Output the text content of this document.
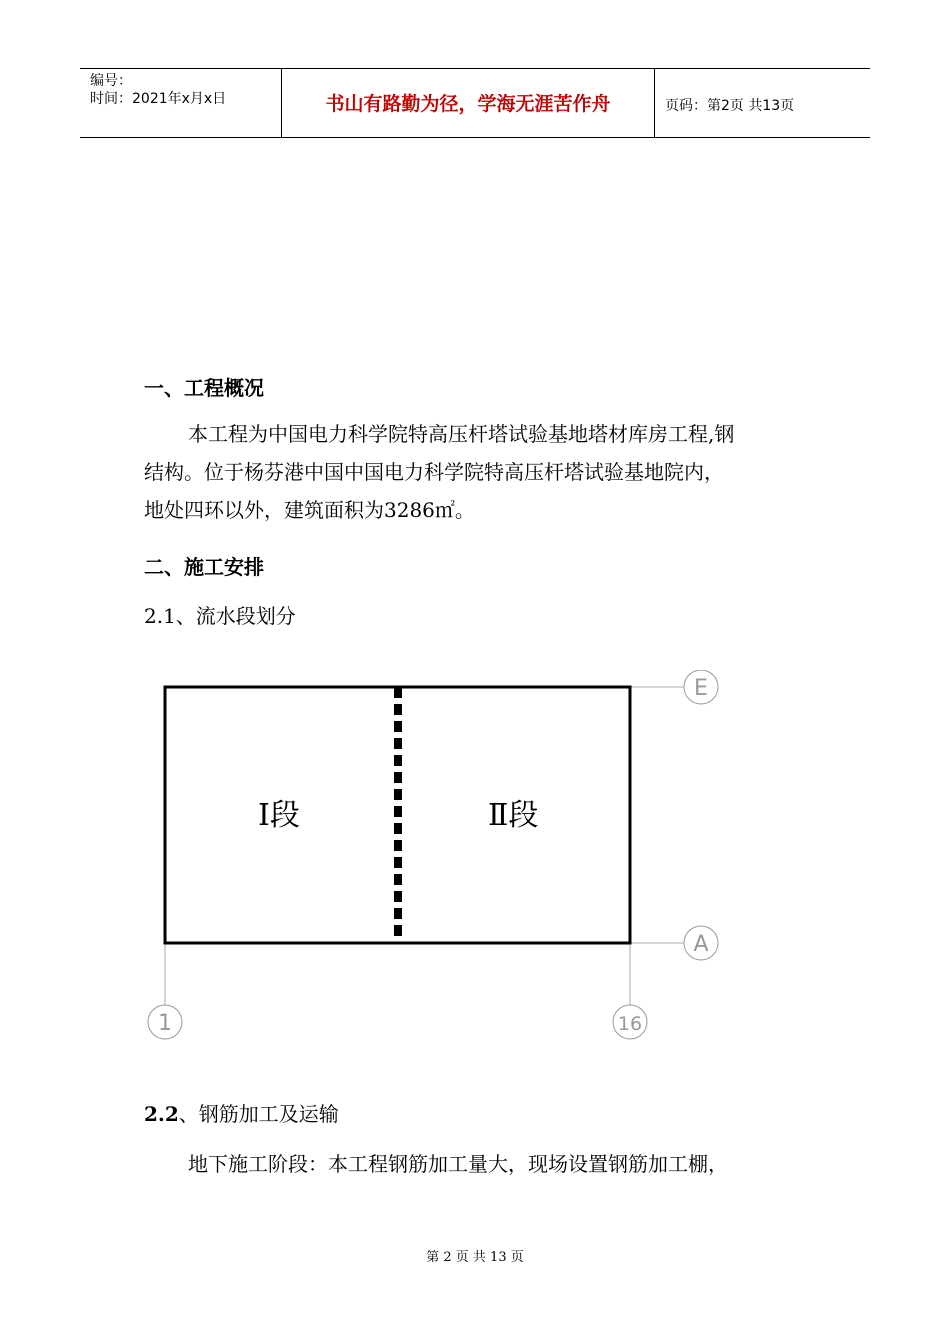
编号：
时间：2021年x月x日	书山有路勤为径，学海无涯苦作舟	页码：第2页 共13页
一、工程概况

本工程为中国电力科学院特高压杆塔试验基地塔材库房工程,钢

结构。位于杨芬港中国中国电力科学院特高压杆塔试验基地院内，

地处四环以外，建筑面积为3286㎡。

二、施工安排
2.1、流水段划分
E
A
1	16
Ⅰ段	Ⅱ段
2.2、钢筋加工及运输
地下施工阶段：本工程钢筋加工量大，现场设置钢筋加工棚，
第 2 页 共 13 页
